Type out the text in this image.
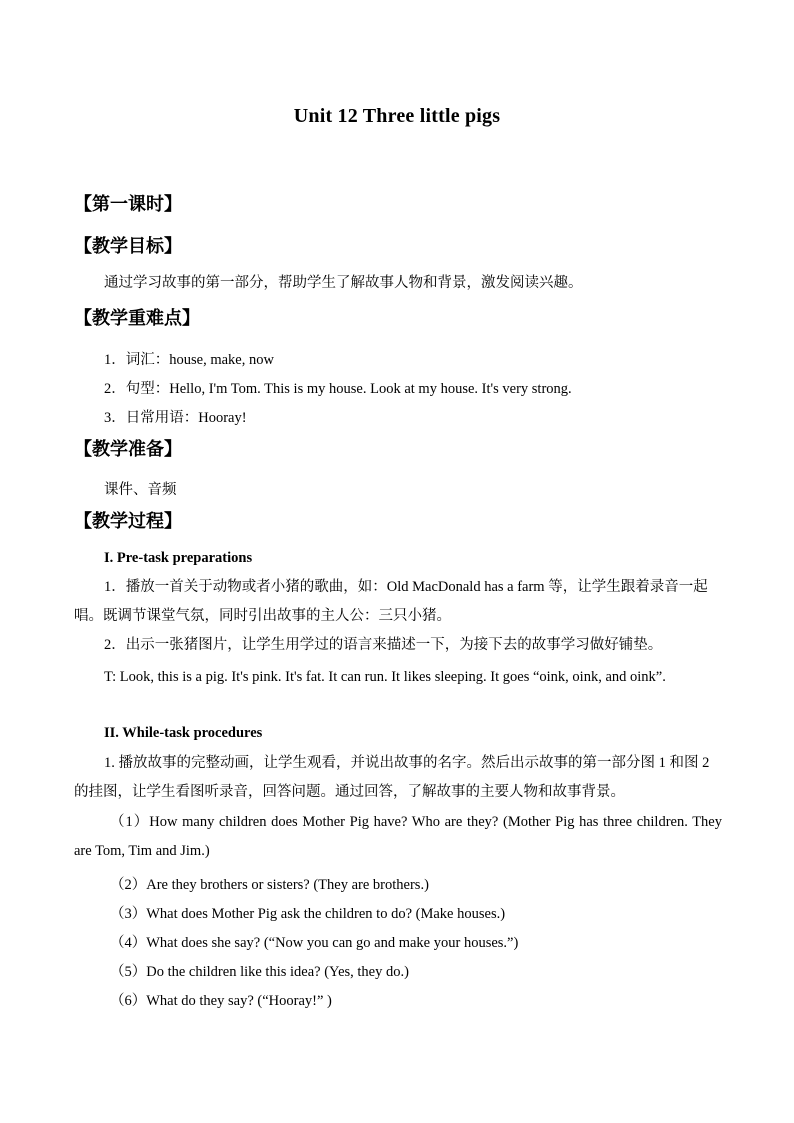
Unit 12 Three little pigs
【第一课时】
【教学目标】
通过学习故事的第一部分，帮助学生了解故事人物和背景，激发阅读兴趣。
【教学重难点】
1．词汇：house, make, now
2．句型：Hello, I'm Tom. This is my house. Look at my house. It's very strong.
3．日常用语：Hooray!
【教学准备】
课件、音频
【教学过程】
I. Pre-task preparations
1．播放一首关于动物或者小猪的歌曲，如：Old MacDonald has a farm 等，让学生跟着录音一起唱。既调节课堂气氛，同时引出故事的主人公：三只小猪。
2．出示一张猪图片，让学生用学过的语言来描述一下，为接下去的故事学习做好铺垫。
T: Look, this is a pig. It's pink. It's fat. It can run. It likes sleeping. It goes “oink, oink, and oink”.
II. While-task procedures
1. 播放故事的完整动画，让学生观看，并说出故事的名字。然后出示故事的第一部分图 1 和图 2 的挂图，让学生看图听录音，回答问题。通过回答，了解故事的主要人物和故事背景。
（1）How many children does Mother Pig have? Who are they? (Mother Pig has three children. They are Tom, Tim and Jim.)
（2）Are they brothers or sisters? (They are brothers.)
（3）What does Mother Pig ask the children to do? (Make houses.)
（4）What does she say? (“Now you can go and make your houses.”)
（5）Do the children like this idea? (Yes, they do.)
（6）What do they say? (“Hooray!” )
